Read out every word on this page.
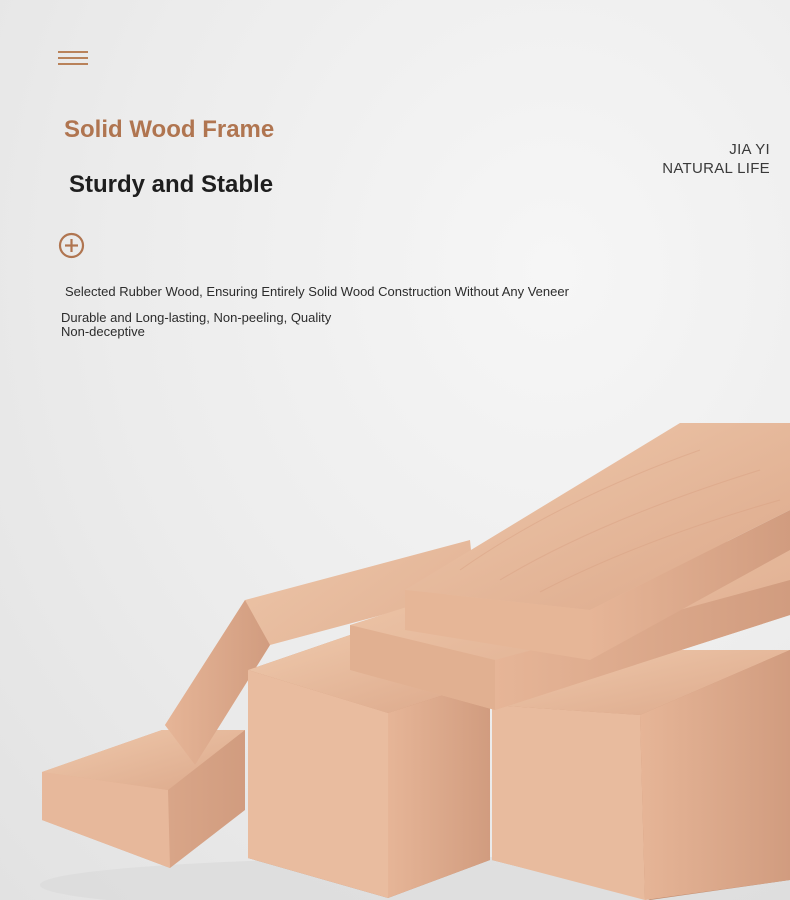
Solid Wood Frame
Sturdy and Stable
JIA YI
NATURAL LIFE

Selected Rubber Wood, Ensuring Entirely Solid Wood Construction Without Any Veneer

Durable and Long-lasting, Non-peeling, Quality Non-deceptive
